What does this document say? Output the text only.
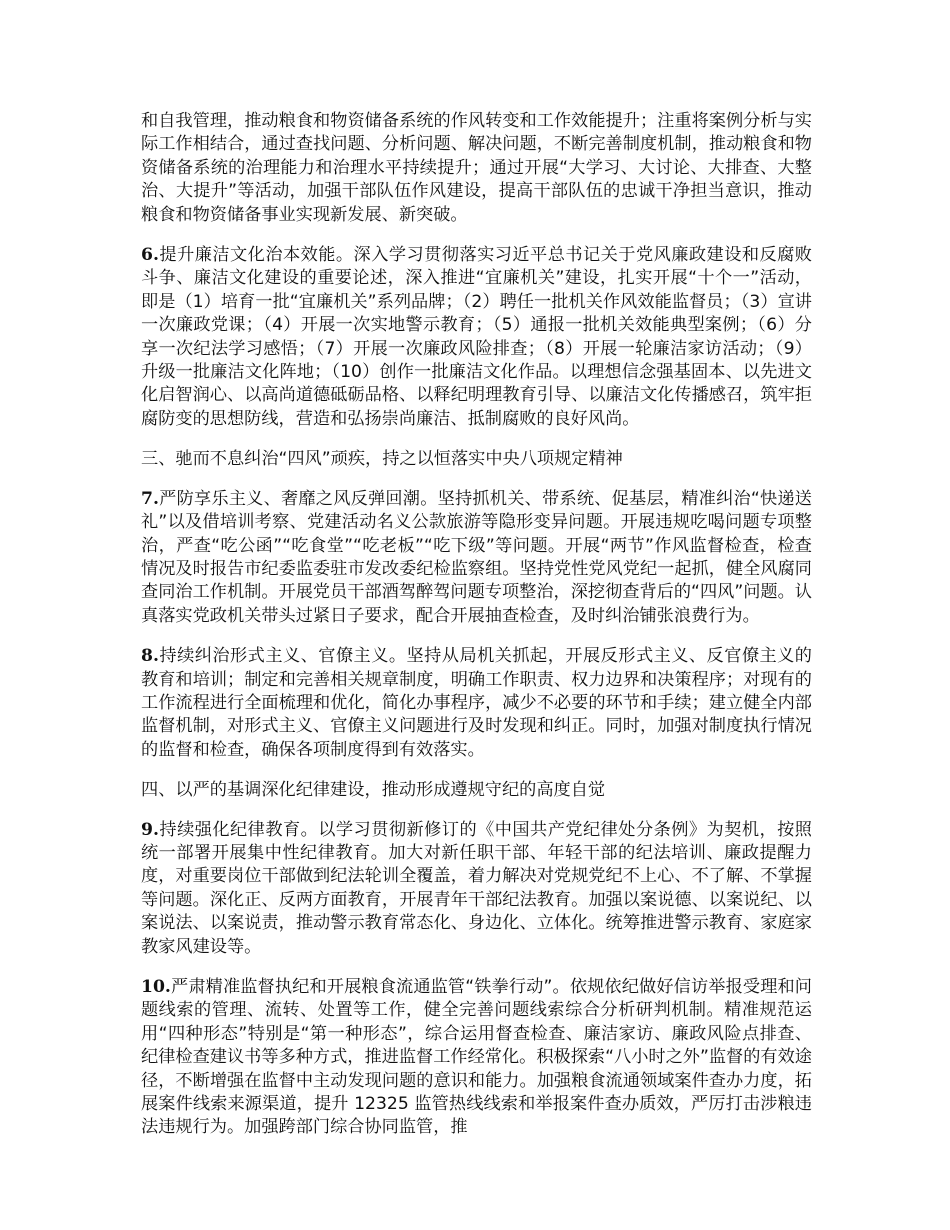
和自我管理，推动粮食和物资储备系统的作风转变和工作效能提升；注重将案例分析与实际工作相结合，通过查找问题、分析问题、解决问题，不断完善制度机制，推动粮食和物资储备系统的治理能力和治理水平持续提升；通过开展“大学习、大讨论、大排查、大整治、大提升”等活动，加强干部队伍作风建设，提高干部队伍的忠诚干净担当意识，推动粮食和物资储备事业实现新发展、新突破。

6.提升廉洁文化治本效能。深入学习贯彻落实习近平总书记关于党风廉政建设和反腐败斗争、廉洁文化建设的重要论述，深入推进“宜廉机关”建设，扎实开展“十个一”活动，即是（1）培育一批“宜廉机关”系列品牌；（2）聘任一批机关作风效能监督员；（3）宣讲一次廉政党课；（4）开展一次实地警示教育；（5）通报一批机关效能典型案例；（6）分享一次纪法学习感悟；（7）开展一次廉政风险排查；（8）开展一轮廉洁家访活动；（9）升级一批廉洁文化阵地；（10）创作一批廉洁文化作品。以理想信念强基固本、以先进文化启智润心、以高尚道德砥砺品格、以释纪明理教育引导、以廉洁文化传播感召，筑牢拒腐防变的思想防线，营造和弘扬崇尚廉洁、抵制腐败的良好风尚。

三、驰而不息纠治“四风”顽疾，持之以恒落实中央八项规定精神

7.严防享乐主义、奢靡之风反弹回潮。坚持抓机关、带系统、促基层，精准纠治“快递送礼”以及借培训考察、党建活动名义公款旅游等隐形变异问题。开展违规吃喝问题专项整治，严查“吃公函”“吃食堂”“吃老板”“吃下级”等问题。开展“两节”作风监督检查，检查情况及时报告市纪委监委驻市发改委纪检监察组。坚持党性党风党纪一起抓，健全风腐同查同治工作机制。开展党员干部酒驾醉驾问题专项整治，深挖彻查背后的“四风”问题。认真落实党政机关带头过紧日子要求，配合开展抽查检查，及时纠治铺张浪费行为。

8.持续纠治形式主义、官僚主义。坚持从局机关抓起，开展反形式主义、反官僚主义的教育和培训；制定和完善相关规章制度，明确工作职责、权力边界和决策程序；对现有的工作流程进行全面梳理和优化，简化办事程序，减少不必要的环节和手续；建立健全内部监督机制，对形式主义、官僚主义问题进行及时发现和纠正。同时，加强对制度执行情况的监督和检查，确保各项制度得到有效落实。

四、以严的基调深化纪律建设，推动形成遵规守纪的高度自觉

9.持续强化纪律教育。以学习贯彻新修订的《中国共产党纪律处分条例》为契机，按照统一部署开展集中性纪律教育。加大对新任职干部、年轻干部的纪法培训、廉政提醒力度，对重要岗位干部做到纪法轮训全覆盖，着力解决对党规党纪不上心、不了解、不掌握等问题。深化正、反两方面教育，开展青年干部纪法教育。加强以案说德、以案说纪、以案说法、以案说责，推动警示教育常态化、身边化、立体化。统筹推进警示教育、家庭家教家风建设等。

10.严肃精准监督执纪和开展粮食流通监管“铁拳行动”。依规依纪做好信访举报受理和问题线索的管理、流转、处置等工作，健全完善问题线索综合分析研判机制。精准规范运用“四种形态”特别是“第一种形态”，综合运用督查检查、廉洁家访、廉政风险点排查、纪律检查建议书等多种方式，推进监督工作经常化。积极探索“八小时之外”监督的有效途径，不断增强在监督中主动发现问题的意识和能力。加强粮食流通领域案件查办力度，拓展案件线索来源渠道，提升 12325 监管热线线索和举报案件查办质效，严厉打击涉粮违法违规行为。加强跨部门综合协同监管，推
